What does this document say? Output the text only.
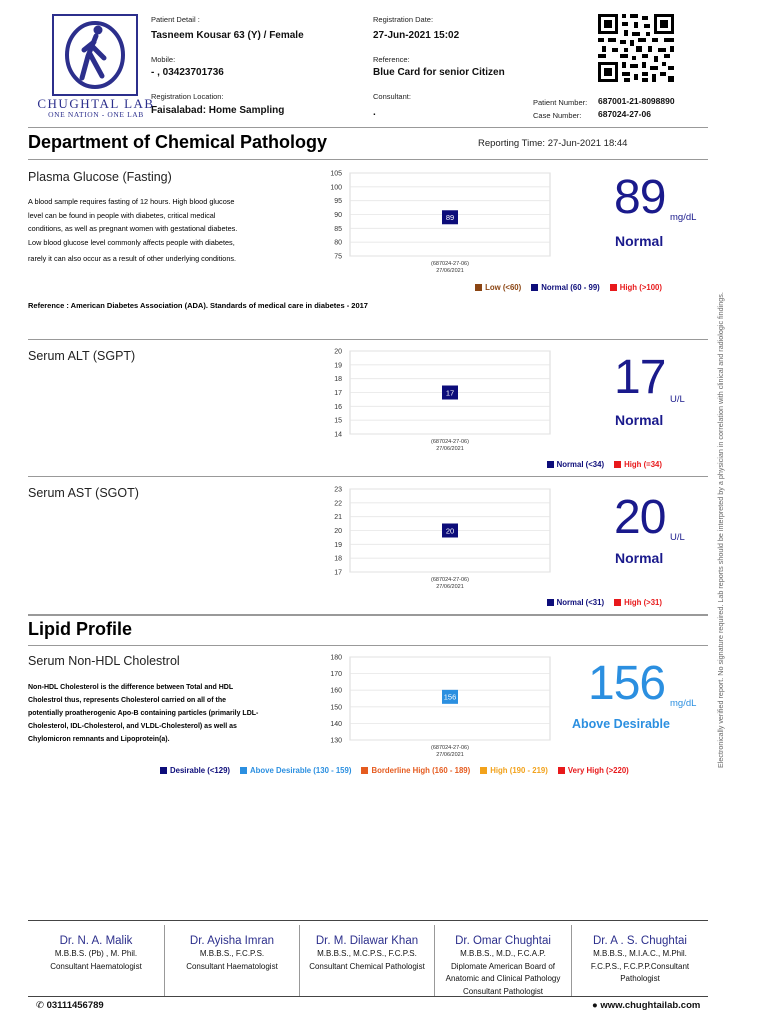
CHUGHTAL LAB
ONE NATION - ONE LAB
Patient Detail :
Tasneem Kousar 63 (Y) / Female
Mobile:
- , 03423701736
Registration Location:
Faisalabad: Home Sampling
Registration Date:
27-Jun-2021 15:02
Reference:
Blue Card for senior Citizen
Consultant:
.
Patient Number: 687001-21-8098890
Case Number: 687024-27-06
Department of Chemical Pathology	Reporting Time: 27-Jun-2021 18:44
Plasma Glucose (Fasting)
A blood sample requires fasting of 12 hours. High blood glucose
level can be found in people with diabetes, critical medical
conditions, as well as pregnant women with gestational diabetes.
Low blood glucose level commonly affects people with diabetes,
rarely it can also occur as a result of other underlying conditions.	75
80
85
90
95
100
105
89
(687024-27-06)
27/06/2021
89 mg/dL
Normal
Low (<60)	Normal (60 - 99)	High (>100)
Reference : American Diabetes Association (ADA). Standards of medical care in diabetes - 2017
Serum ALT (SGPT)
14
15
16
17
18
19
20
17
(687024-27-06)
27/06/2021
17 U/L
Normal
Normal (<34)	High (=34)
Serum AST (SGOT)
17
18
19
20
21
22
23
20
(687024-27-06)
27/06/2021
20 U/L
Normal
Normal (<31)	High (>31)
Lipid Profile
Serum Non-HDL Cholestrol
Non-HDL Cholesterol is the difference between Total and HDL
Cholestrol thus, represents Cholesterol carried on all of the
potentially proatherogenic Apo-B containing particles (primarily LDL-
Cholesterol, IDL-Cholesterol, and VLDL-Cholesterol) as well as
Chylomicron remnants and Lipoprotein(a).	130
140
150
160
170
180
156
(687024-27-06)
27/06/2021
156 mg/dL
Above Desirable
Desirable (<129)	Above Desirable (130 - 159)	Borderline High (160 - 189)	High (190 - 219)	Very High (>220)
Dr. N. A. Malik
M.B.B.S. (Pb) , M. Phil.
Consultant Haematologist
Dr. Ayisha Imran
M.B.B.S., F.C.P.S.
Consultant Haematologist
Dr. M. Dilawar Khan
M.B.B.S., M.C.P.S., F.C.P.S.
Consultant Chemical Pathologist
Dr. Omar Chughtai
M.B.B.S., M.D., F.C.A.P.
Diplomate American Board of
Anatomic and Clinical Pathology
Consultant Pathologist
Dr. A . S. Chughtai
M.B.B.S., M.I.A.C., M.Phil.
F.C.P.S., F.C.P.P.Consultant
Pathologist
✆ 03111456789	● www.chughtailab.com
Electronically verified report. No signature required. Lab reports should be interpreted by a physician in correlation with clinical and radiologic findings.
